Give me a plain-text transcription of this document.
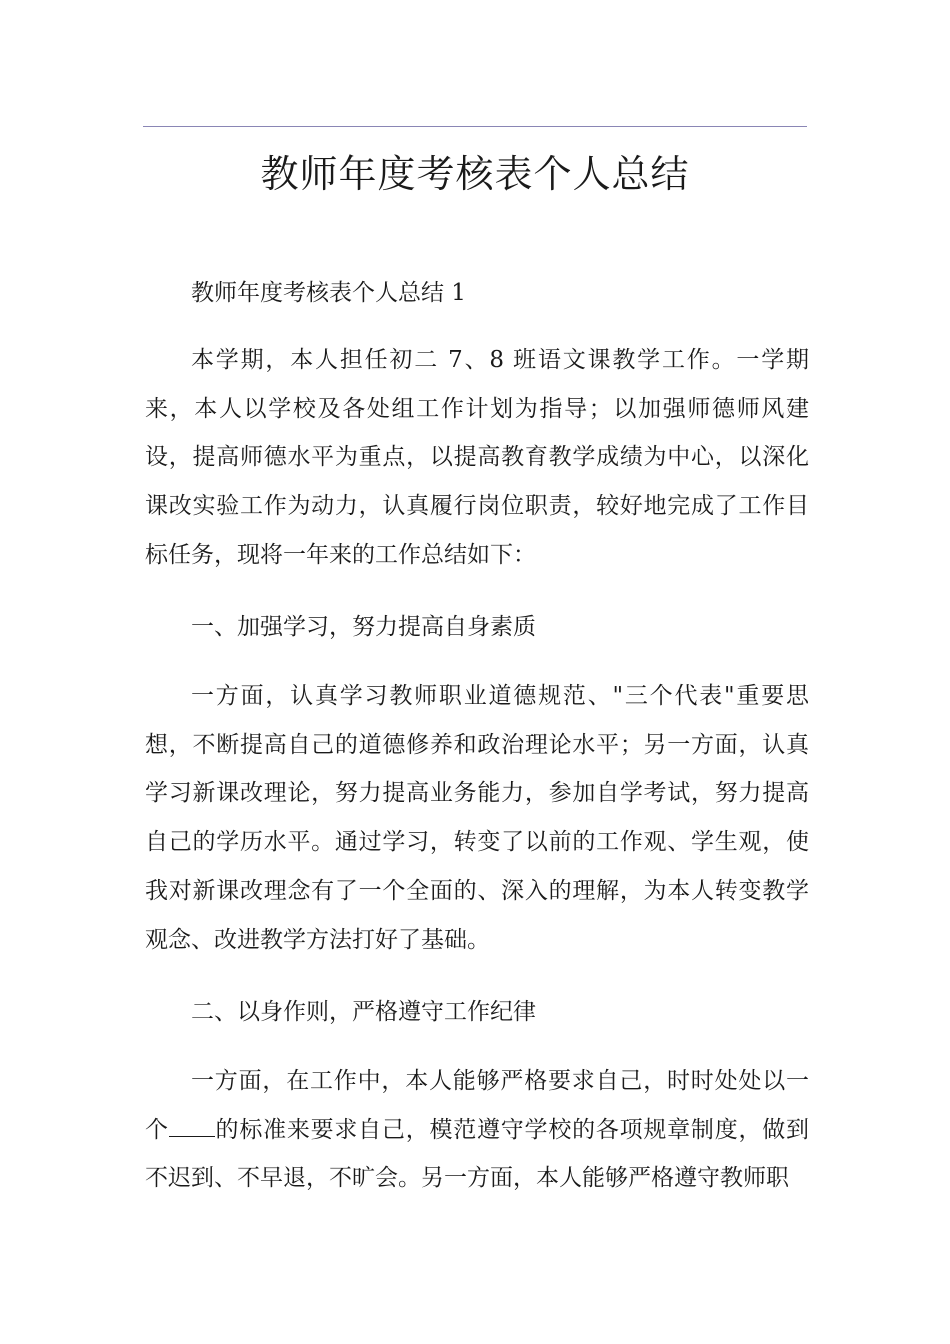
教师年度考核表个人总结

教师年度考核表个人总结 1

本学期，本人担任初二 7、8 班语文课教学工作。一学期来，本人以学校及各处组工作计划为指导；以加强师德师风建设，提高师德水平为重点，以提高教育教学成绩为中心，以深化课改实验工作为动力，认真履行岗位职责，较好地完成了工作目标任务，现将一年来的工作总结如下：

一、加强学习，努力提高自身素质

一方面，认真学习教师职业道德规范、"三个代表"重要思想，不断提高自己的道德修养和政治理论水平；另一方面，认真学习新课改理论，努力提高业务能力，参加自学考试，努力提高自己的学历水平。通过学习，转变了以前的工作观、学生观，使我对新课改理念有了一个全面的、深入的理解，为本人转变教学观念、改进教学方法打好了基础。

二、以身作则，严格遵守工作纪律

一方面，在工作中，本人能够严格要求自己，时时处处以一个 的标准来要求自己，模范遵守学校的各项规章制度，做到不迟到、不早退，不旷会。另一方面，本人能够严格遵守教师职
